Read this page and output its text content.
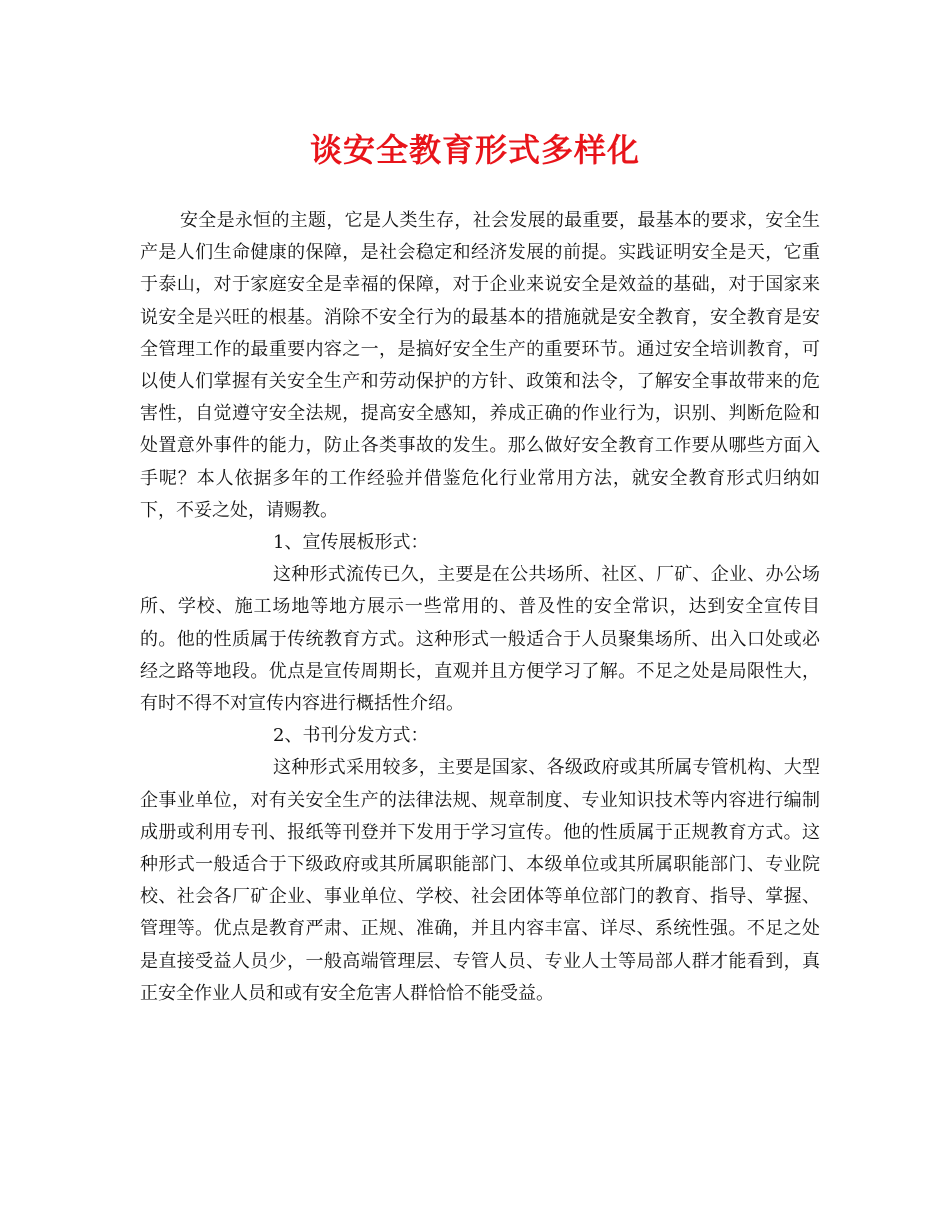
谈安全教育形式多样化

安全是永恒的主题，它是人类生存，社会发展的最重要，最基本的要求，安全生产是人们生命健康的保障，是社会稳定和经济发展的前提。实践证明安全是天，它重于泰山，对于家庭安全是幸福的保障，对于企业来说安全是效益的基础，对于国家来说安全是兴旺的根基。消除不安全行为的最基本的措施就是安全教育，安全教育是安全管理工作的最重要内容之一，是搞好安全生产的重要环节。通过安全培训教育，可以使人们掌握有关安全生产和劳动保护的方针、政策和法令，了解安全事故带来的危害性，自觉遵守安全法规，提高安全感知，养成正确的作业行为，识别、判断危险和处置意外事件的能力，防止各类事故的发生。那么做好安全教育工作要从哪些方面入手呢？本人依据多年的工作经验并借鉴危化行业常用方法，就安全教育形式归纳如下，不妥之处，请赐教。

1、宣传展板形式：

这种形式流传已久，主要是在公共场所、社区、厂矿、企业、办公场所、学校、施工场地等地方展示一些常用的、普及性的安全常识，达到安全宣传目的。他的性质属于传统教育方式。这种形式一般适合于人员聚集场所、出入口处或必经之路等地段。优点是宣传周期长，直观并且方便学习了解。不足之处是局限性大，有时不得不对宣传内容进行概括性介绍。

2、书刊分发方式：

这种形式采用较多，主要是国家、各级政府或其所属专管机构、大型企事业单位，对有关安全生产的法律法规、规章制度、专业知识技术等内容进行编制成册或利用专刊、报纸等刊登并下发用于学习宣传。他的性质属于正规教育方式。这种形式一般适合于下级政府或其所属职能部门、本级单位或其所属职能部门、专业院校、社会各厂矿企业、事业单位、学校、社会团体等单位部门的教育、指导、掌握、管理等。优点是教育严肃、正规、准确，并且内容丰富、详尽、系统性强。不足之处是直接受益人员少，一般高端管理层、专管人员、专业人士等局部人群才能看到，真正安全作业人员和或有安全危害人群恰恰不能受益。
